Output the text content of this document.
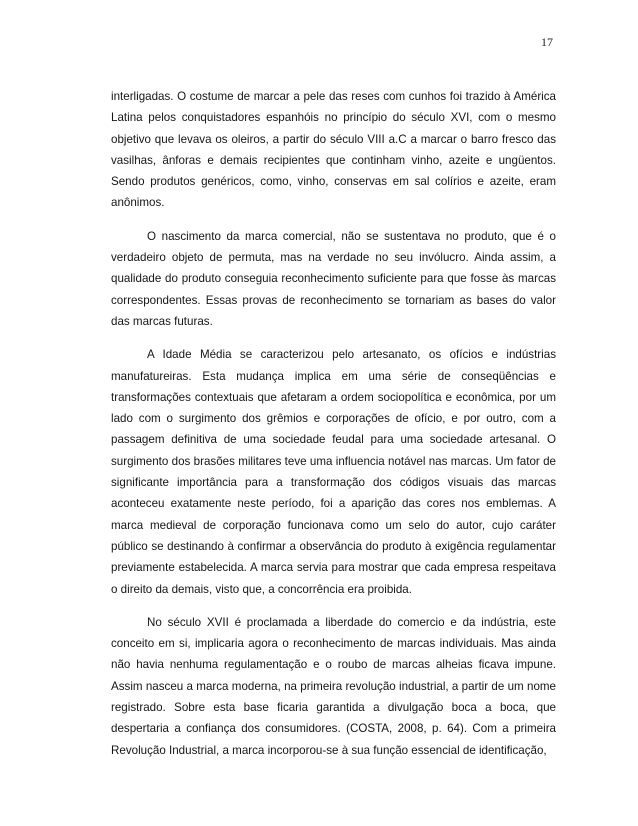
17

interligadas. O costume de marcar a pele das reses com cunhos foi trazido à América Latina pelos conquistadores espanhóis no princípio do século XVI, com o mesmo objetivo que levava os oleiros, a partir do século VIII a.C a marcar o barro fresco das vasilhas, ânforas e demais recipientes que continham vinho, azeite e ungüentos. Sendo produtos genéricos, como, vinho, conservas em sal colírios e azeite, eram anônimos.

O nascimento da marca comercial, não se sustentava no produto, que é o verdadeiro objeto de permuta, mas na verdade no seu invólucro. Ainda assim, a qualidade do produto conseguia reconhecimento suficiente para que fosse às marcas correspondentes. Essas provas de reconhecimento se tornariam as bases do valor das marcas futuras.

A Idade Média se caracterizou pelo artesanato, os ofícios e indústrias manufatureiras. Esta mudança implica em uma série de conseqüências e transformações contextuais que afetaram a ordem sociopolítica e econômica, por um lado com o surgimento dos grêmios e corporações de ofício, e por outro, com a passagem definitiva de uma sociedade feudal para uma sociedade artesanal. O surgimento dos brasões militares teve uma influencia notável nas marcas. Um fator de significante importância para a transformação dos códigos visuais das marcas aconteceu exatamente neste período, foi a aparição das cores nos emblemas. A marca medieval de corporação funcionava como um selo do autor, cujo caráter público se destinando à confirmar a observância do produto à exigência regulamentar previamente estabelecida. A marca servia para mostrar que cada empresa respeitava o direito da demais, visto que, a concorrência era proibida.

No século XVII é proclamada a liberdade do comercio e da indústria, este conceito em si, implicaria agora o reconhecimento de marcas individuais. Mas ainda não havia nenhuma regulamentação e o roubo de marcas alheias ficava impune. Assim nasceu a marca moderna, na primeira revolução industrial, a partir de um nome registrado. Sobre esta base ficaria garantida a divulgação boca a boca, que despertaria a confiança dos consumidores. (COSTA, 2008, p. 64). Com a primeira Revolução Industrial, a marca incorporou-se à sua função essencial de identificação,
